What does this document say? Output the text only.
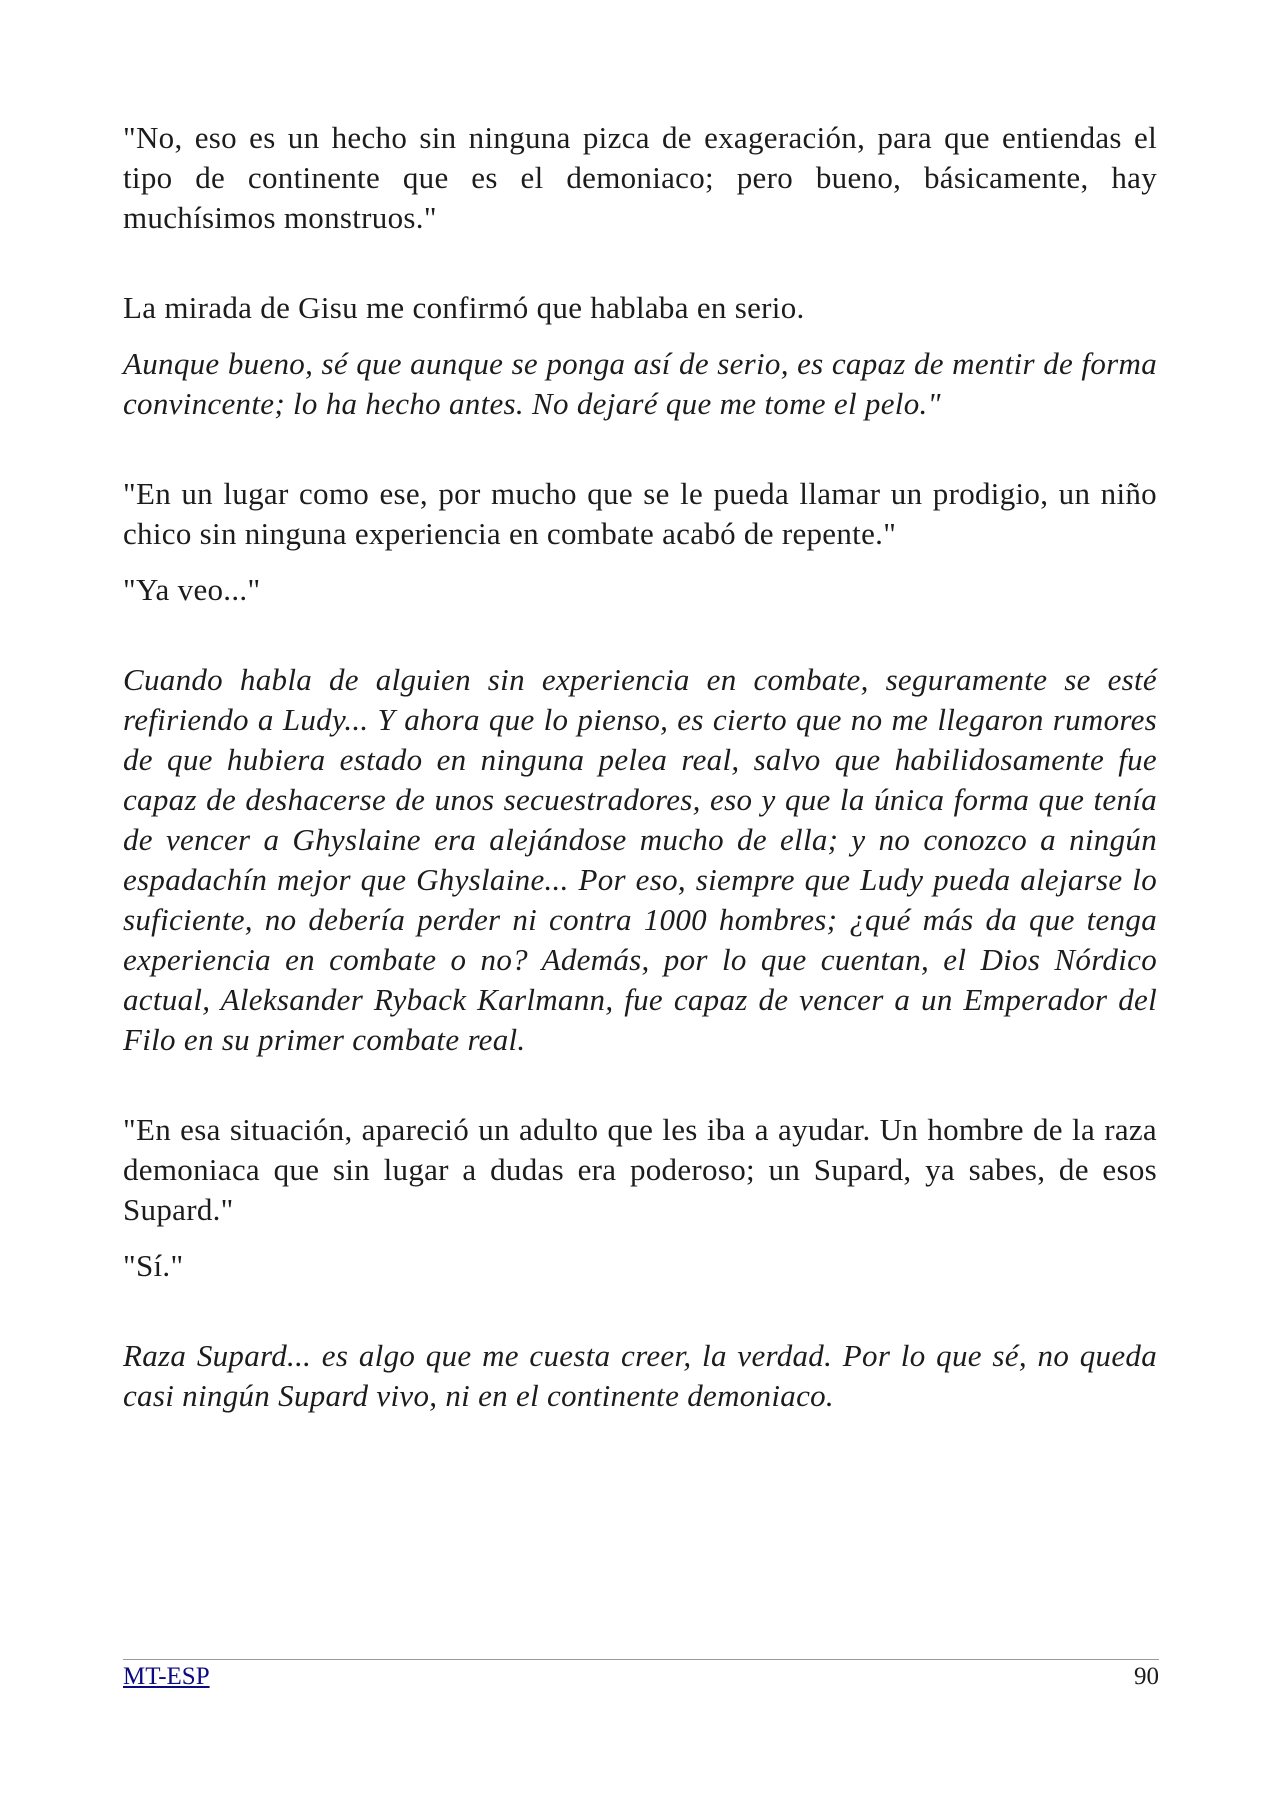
"No, eso es un hecho sin ninguna pizca de exageración, para que entiendas el tipo de continente que es el demoniaco; pero bueno, básicamente, hay muchísimos monstruos."

La mirada de Gisu me confirmó que hablaba en serio.

Aunque bueno, sé que aunque se ponga así de serio, es capaz de mentir de forma convincente; lo ha hecho antes. No dejaré que me tome el pelo."

"En un lugar como ese, por mucho que se le pueda llamar un prodigio, un niño chico sin ninguna experiencia en combate acabó de repente."

"Ya veo..."

Cuando habla de alguien sin experiencia en combate, seguramente se esté refiriendo a Ludy... Y ahora que lo pienso, es cierto que no me llegaron rumores de que hubiera estado en ninguna pelea real, salvo que habilidosamente fue capaz de deshacerse de unos secuestradores, eso y que la única forma que tenía de vencer a Ghyslaine era alejándose mucho de ella; y no conozco a ningún espadachín mejor que Ghyslaine... Por eso, siempre que Ludy pueda alejarse lo suficiente, no debería perder ni contra 1000 hombres; ¿qué más da que tenga experiencia en combate o no? Además, por lo que cuentan, el Dios Nórdico actual, Aleksander Ryback Karlmann, fue capaz de vencer a un Emperador del Filo en su primer combate real.

"En esa situación, apareció un adulto que les iba a ayudar. Un hombre de la raza demoniaca que sin lugar a dudas era poderoso; un Supard, ya sabes, de esos Supard."

"Sí."

Raza Supard... es algo que me cuesta creer, la verdad. Por lo que sé, no queda casi ningún Supard vivo, ni en el continente demoniaco.

MT-ESP	90
